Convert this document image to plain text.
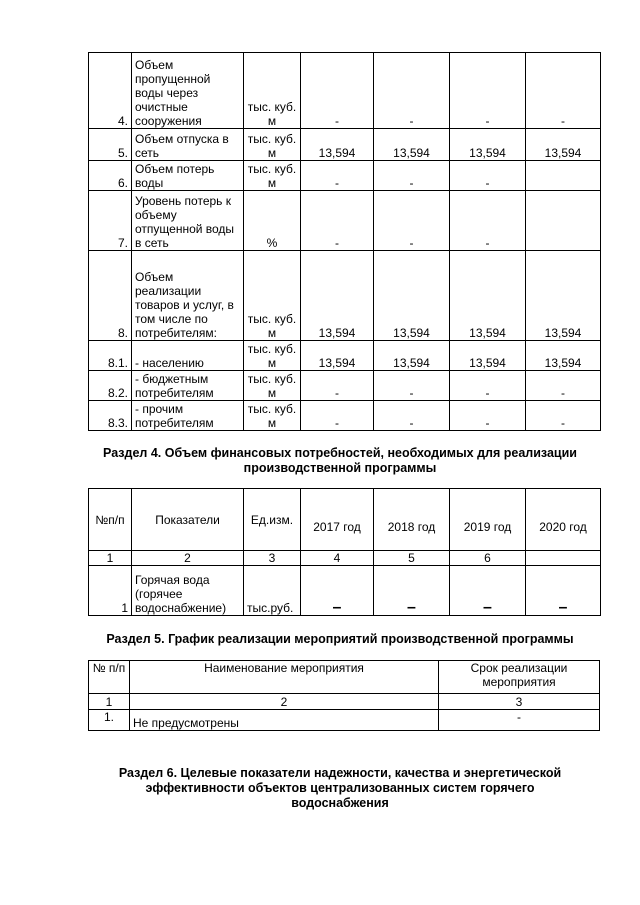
4.	Объем пропущенной воды через очистные сооружения	тыс. куб. м	-	-	-	-
5.	Объем отпуска в сеть	тыс. куб. м	13,594	13,594	13,594	13,594
6.	Объем потерь воды	тыс. куб. м	-	-	-	
7.	Уровень потерь к объему отпущенной воды в сеть	%	-	-	-	
8.	Объем реализации товаров и услуг, в том числе по потребителям:	тыс. куб. м	13,594	13,594	13,594	13,594
8.1.	- населению	тыс. куб. м	13,594	13,594	13,594	13,594
8.2.	- бюджетным потребителям	тыс. куб. м	-	-	-	-
8.3.	- прочим потребителям	тыс. куб. м	-	-	-	-
Раздел 4. Объем финансовых потребностей, необходимых для реализации
производственной программы
№п/п	Показатели	Ед.изм.	2017 год	2018 год	2019 год	2020 год
1	2	3	4	5	6	
1	Горячая вода (горячее водоснабжение)	тыс.руб.	–	–	–	–
Раздел 5. График реализации мероприятий производственной программы
№ п/п	Наименование мероприятия	Срок реализации мероприятия
1	2	3
1.	Не предусмотрены	-
Раздел 6. Целевые показатели надежности, качества и энергетической
эффективности объектов централизованных систем горячего
водоснабжения
